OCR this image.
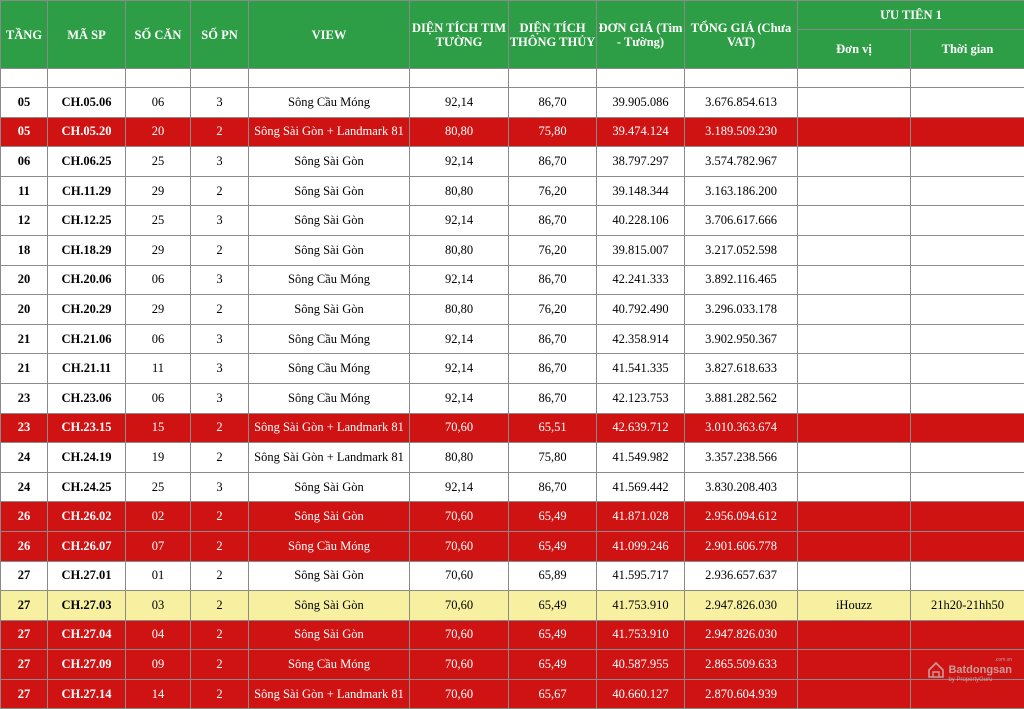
TẦNG	MÃ SP	SỐ CĂN	SỐ PN	VIEW	DIỆN TÍCH TIM TƯỜNG	DIỆN TÍCH THÔNG THỦY	ĐƠN GIÁ (Tim - Tường)	TỔNG GIÁ (Chưa VAT)	ƯU TIÊN 1	
									Đơn vị	Thời gian

05	CH.05.06	06	3	Sông Cầu Móng	92,14	86,70	39.905.086	3.676.854.613		
05	CH.05.20	20	2	Sông Sài Gòn + Landmark 81	80,80	75,80	39.474.124	3.189.509.230		
06	CH.06.25	25	3	Sông Sài Gòn	92,14	86,70	38.797.297	3.574.782.967		
11	CH.11.29	29	2	Sông Sài Gòn	80,80	76,20	39.148.344	3.163.186.200		
12	CH.12.25	25	3	Sông Sài Gòn	92,14	86,70	40.228.106	3.706.617.666		
18	CH.18.29	29	2	Sông Sài Gòn	80,80	76,20	39.815.007	3.217.052.598		
20	CH.20.06	06	3	Sông Cầu Móng	92,14	86,70	42.241.333	3.892.116.465		
20	CH.20.29	29	2	Sông Sài Gòn	80,80	76,20	40.792.490	3.296.033.178		
21	CH.21.06	06	3	Sông Cầu Móng	92,14	86,70	42.358.914	3.902.950.367		
21	CH.21.11	11	3	Sông Cầu Móng	92,14	86,70	41.541.335	3.827.618.633		
23	CH.23.06	06	3	Sông Cầu Móng	92,14	86,70	42.123.753	3.881.282.562		
23	CH.23.15	15	2	Sông Sài Gòn + Landmark 81	70,60	65,51	42.639.712	3.010.363.674		
24	CH.24.19	19	2	Sông Sài Gòn + Landmark 81	80,80	75,80	41.549.982	3.357.238.566		
24	CH.24.25	25	3	Sông Sài Gòn	92,14	86,70	41.569.442	3.830.208.403		
26	CH.26.02	02	2	Sông Sài Gòn	70,60	65,49	41.871.028	2.956.094.612		
26	CH.26.07	07	2	Sông Cầu Móng	70,60	65,49	41.099.246	2.901.606.778		
27	CH.27.01	01	2	Sông Sài Gòn	70,60	65,89	41.595.717	2.936.657.637		
27	CH.27.03	03	2	Sông Sài Gòn	70,60	65,49	41.753.910	2.947.826.030	iHouzz	21h20-21hh50
27	CH.27.04	04	2	Sông Sài Gòn	70,60	65,49	41.753.910	2.947.826.030		
27	CH.27.09	09	2	Sông Cầu Móng	70,60	65,49	40.587.955	2.865.509.633		
27	CH.27.14	14	2	Sông Sài Gòn + Landmark 81	70,60	65,67	40.660.127	2.870.604.939		
.com.vn
Batdongsan
by PropertyGuru
